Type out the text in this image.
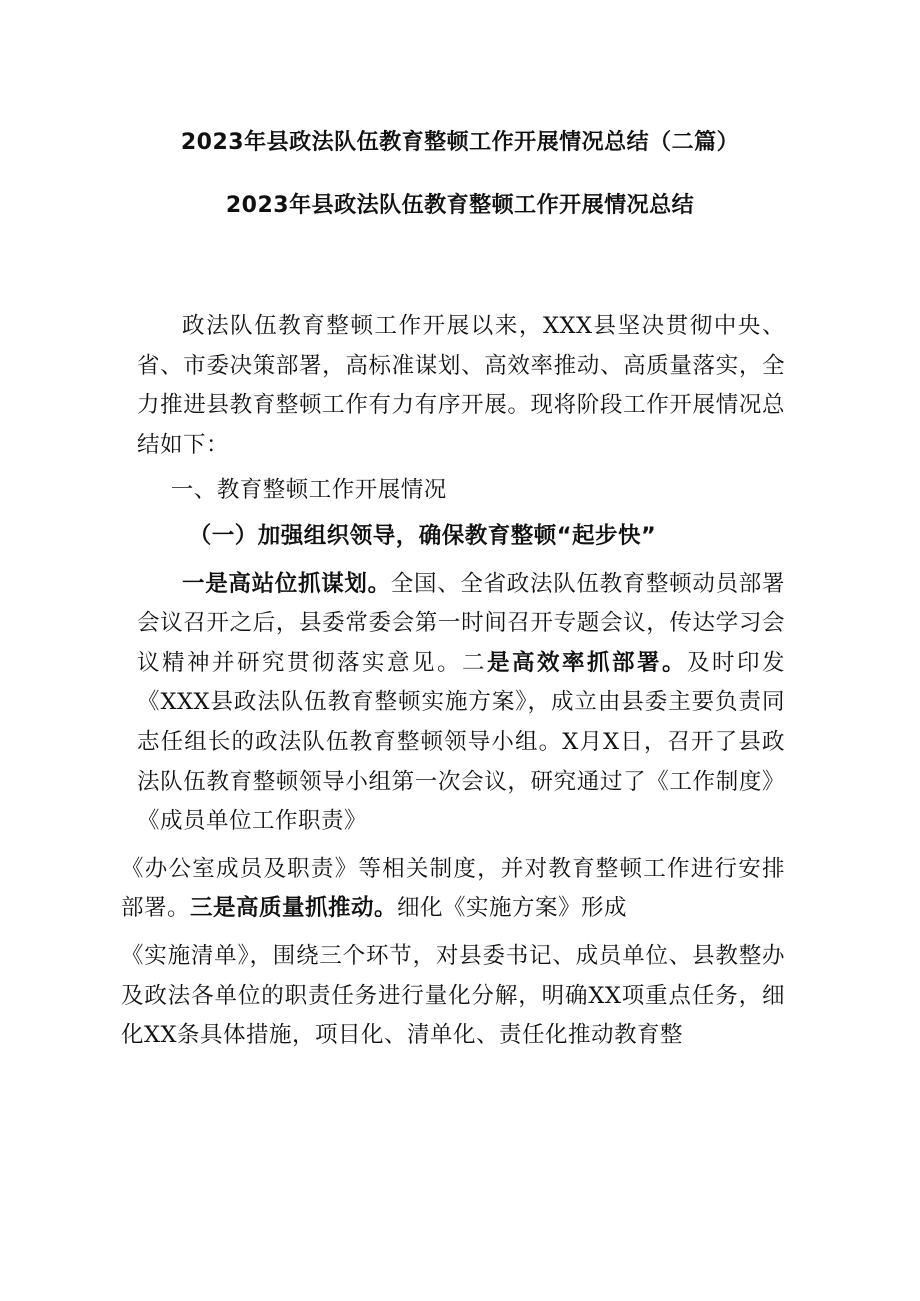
2023年县政法队伍教育整顿工作开展情况总结（二篇）
2023年县政法队伍教育整顿工作开展情况总结

政法队伍教育整顿工作开展以来，XXX县坚决贯彻中央、省、市委决策部署，高标准谋划、高效率推动、高质量落实，全力推进县教育整顿工作有力有序开展。现将阶段工作开展情况总结如下：

一、教育整顿工作开展情况

（一）加强组织领导，确保教育整顿“起步快”

一是高站位抓谋划。全国、全省政法队伍教育整顿动员部署会议召开之后，县委常委会第一时间召开专题会议，传达学习会议精神并研究贯彻落实意见。二是高效率抓部署。及时印发《XXX县政法队伍教育整顿实施方案》，成立由县委主要负责同志任组长的政法队伍教育整顿领导小组。X月X日，召开了县政法队伍教育整顿领导小组第一次会议，研究通过了《工作制度》《成员单位工作职责》

《办公室成员及职责》等相关制度，并对教育整顿工作进行安排部署。三是高质量抓推动。细化《实施方案》形成

《实施清单》，围绕三个环节，对县委书记、成员单位、县教整办及政法各单位的职责任务进行量化分解，明确XX项重点任务，细化XX条具体措施，项目化、清单化、责任化推动教育整
